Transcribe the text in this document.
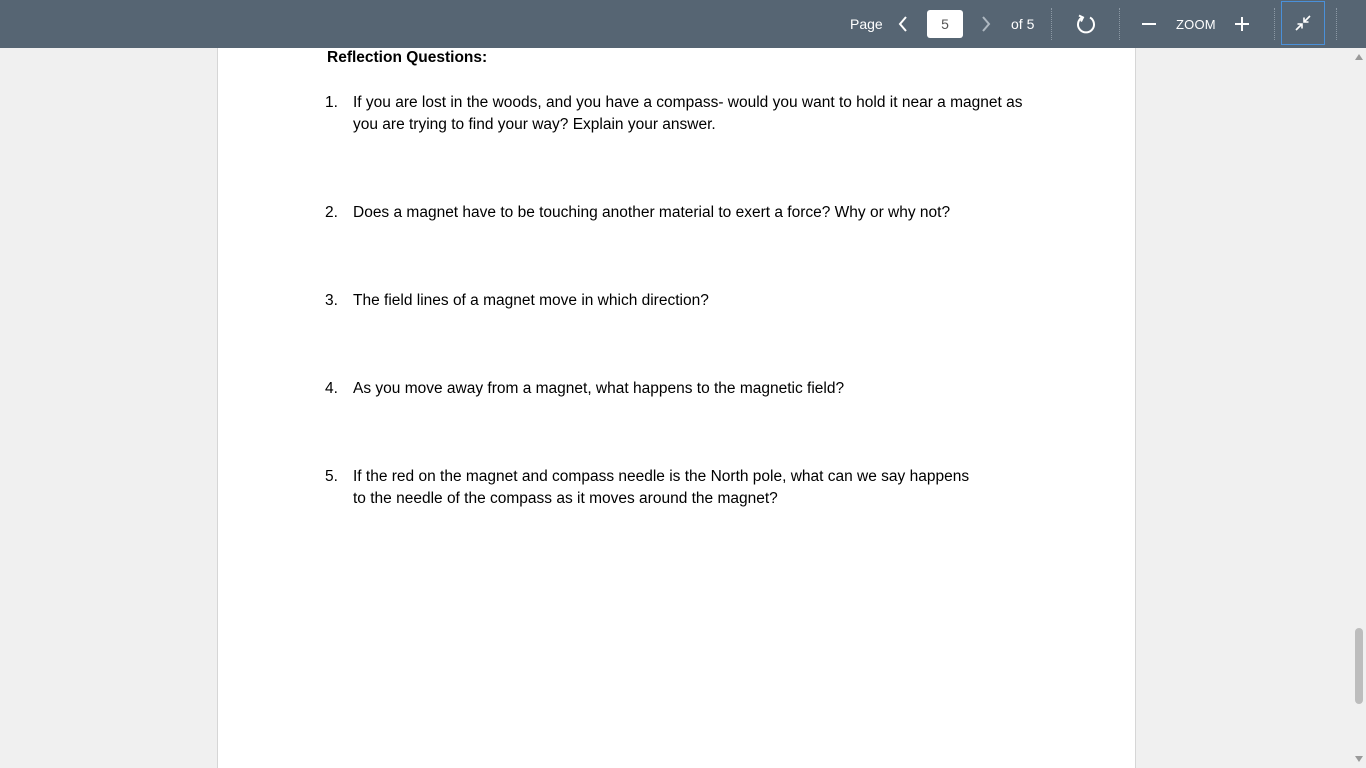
Page
5	of 5	ZOOM
Reflection Questions:
1. If you are lost in the woods, and you have a compass- would you want to hold it near a magnet as you are trying to find your way? Explain your answer.
2. Does a magnet have to be touching another material to exert a force? Why or why not?
3. The field lines of a magnet move in which direction?
4. As you move away from a magnet, what happens to the magnetic field?
5. If the red on the magnet and compass needle is the North pole, what can we say happens to the needle of the compass as it moves around the magnet?
